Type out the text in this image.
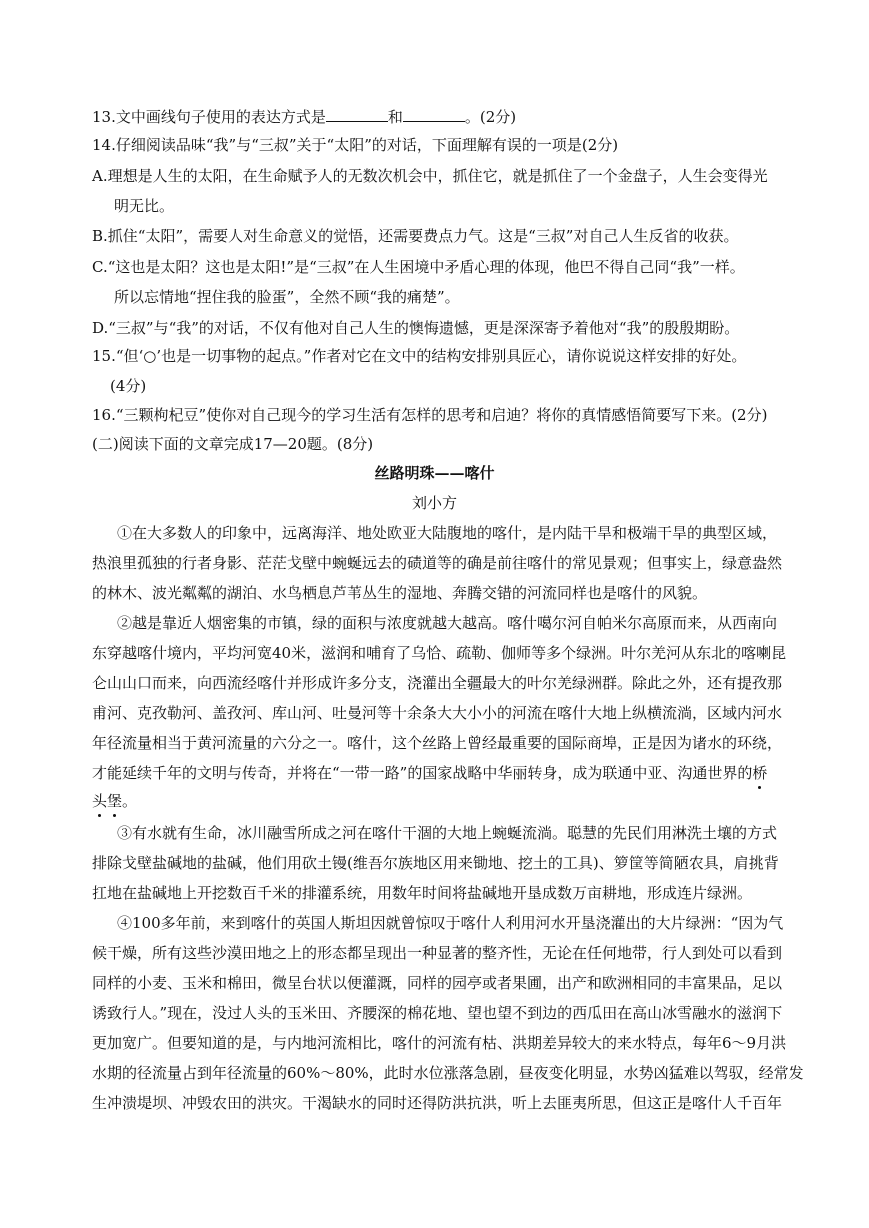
13.文中画线句子使用的表达方式是	和	。(2分)
14.仔细阅读品味“我”与“三叔”关于“太阳”的对话，下面理解有误的一项是(2分)
A.理想是人生的太阳，在生命赋予人的无数次机会中，抓住它，就是抓住了一个金盘子，人生会变得光
明无比。
B.抓住“太阳”，需要人对生命意义的觉悟，还需要费点力气。这是“三叔”对自己人生反省的收获。
C.“这也是太阳？这也是太阳!”是“三叔”在人生困境中矛盾心理的体现，他巴不得自己同“我”一样。
所以忘情地“捏住我的脸蛋”，全然不顾“我的痛楚”。
D.“三叔”与“我”的对话，不仅有他对自己人生的懊悔遗憾，更是深深寄予着他对“我”的殷殷期盼。
15.“但‘○’也是一切事物的起点。”作者对它在文中的结构安排别具匠心，请你说说这样安排的好处。
(4分)
16.“三颗枸杞豆”使你对自己现今的学习生活有怎样的思考和启迪？将你的真情感悟简要写下来。(2分)
(二)阅读下面的文章完成17—20题。(8分)
丝路明珠——喀什
刘小方
①在大多数人的印象中，远离海洋、地处欧亚大陆腹地的喀什，是内陆干旱和极端干旱的典型区域，
热浪里孤独的行者身影、茫茫戈壁中蜿蜒远去的碛道等的确是前往喀什的常见景观；但事实上，绿意盎然
的林木、波光粼粼的湖泊、水鸟栖息芦苇丛生的湿地、奔腾交错的河流同样也是喀什的风貌。
②越是靠近人烟密集的市镇，绿的面积与浓度就越大越高。喀什噶尔河自帕米尔高原而来，从西南向
东穿越喀什境内，平均河宽40米，滋润和哺育了乌恰、疏勒、伽师等多个绿洲。叶尔羌河从东北的喀喇昆
仑山山口而来，向西流经喀什并形成许多分支，浇灌出全疆最大的叶尔羌绿洲群。除此之外，还有提孜那
甫河、克孜勒河、盖孜河、库山河、吐曼河等十余条大大小小的河流在喀什大地上纵横流淌，区域内河水
年径流量相当于黄河流量的六分之一。喀什，这个丝路上曾经最重要的国际商埠，正是因为诸水的环绕，
才能延续千年的文明与传奇，并将在“一带一路”的国家战略中华丽转身，成为联通中亚、沟通世界的桥
头堡。
③有水就有生命，冰川融雪所成之河在喀什干涸的大地上蜿蜒流淌。聪慧的先民们用淋洗土壤的方式
排除戈壁盐碱地的盐碱，他们用砍土镘(维吾尔族地区用来锄地、挖土的工具)、箩筐等简陋农具，肩挑背
扛地在盐碱地上开挖数百千米的排灌系统，用数年时间将盐碱地开垦成数万亩耕地，形成连片绿洲。
④100多年前，来到喀什的英国人斯坦因就曾惊叹于喀什人利用河水开垦浇灌出的大片绿洲：“因为气
候干燥，所有这些沙漠田地之上的形态都呈现出一种显著的整齐性，无论在任何地带，行人到处可以看到
同样的小麦、玉米和棉田，微呈台状以便灌溉，同样的园亭或者果圃，出产和欧洲相同的丰富果品，足以
诱致行人。”现在，没过人头的玉米田、齐腰深的棉花地、望也望不到边的西瓜田在高山冰雪融水的滋润下
更加宽广。但要知道的是，与内地河流相比，喀什的河流有枯、洪期差异较大的来水特点，每年6～9月洪
水期的径流量占到年径流量的60%～80%，此时水位涨落急剧，昼夜变化明显，水势凶猛难以驾驭，经常发
生冲溃堤坝、冲毁农田的洪灾。干渴缺水的同时还得防洪抗洪，听上去匪夷所思，但这正是喀什人千百年
